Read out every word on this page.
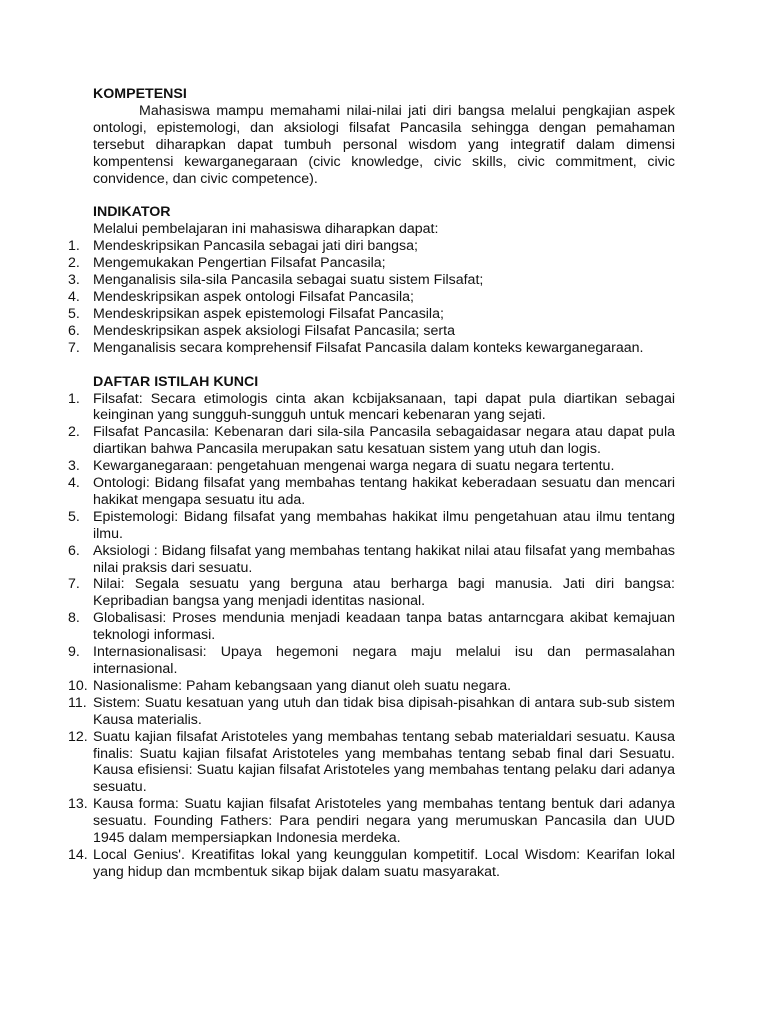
KOMPETENSI

Mahasiswa mampu memahami nilai-nilai jati diri bangsa melalui pengkajian aspek ontologi, epistemologi, dan aksiologi filsafat Pancasila sehingga dengan pemahaman tersebut diharapkan dapat tumbuh personal wisdom yang integratif dalam dimensi kompentensi kewarganegaraan (civic knowledge, civic skills, civic commitment, civic convidence, dan civic competence).

INDIKATOR
Melalui pembelajaran ini mahasiswa diharapkan dapat:
1. Mendeskripsikan Pancasila sebagai jati diri bangsa;
2. Mengemukakan Pengertian Filsafat Pancasila;
3. Menganalisis sila-sila Pancasila sebagai suatu sistem Filsafat;
4. Mendeskripsikan aspek ontologi Filsafat Pancasila;
5. Mendeskripsikan aspek epistemologi Filsafat Pancasila;
6. Mendeskripsikan aspek aksiologi Filsafat Pancasila; serta
7. Menganalisis secara komprehensif Filsafat Pancasila dalam konteks kewarganegaraan.
DAFTAR ISTILAH KUNCI
1. Filsafat: Secara etimologis cinta akan kcbijaksanaan, tapi dapat pula diartikan sebagai keinginan yang sungguh-sungguh untuk mencari kebenaran yang sejati.
2. Filsafat Pancasila: Kebenaran dari sila-sila Pancasila sebagaidasar negara atau dapat pula diartikan bahwa Pancasila merupakan satu kesatuan sistem yang utuh dan logis.
3. Kewarganegaraan: pengetahuan mengenai warga negara di suatu negara tertentu.
4. Ontologi: Bidang filsafat yang membahas tentang hakikat keberadaan sesuatu dan mencari hakikat mengapa sesuatu itu ada.
5. Epistemologi: Bidang filsafat yang membahas hakikat ilmu pengetahuan atau ilmu tentang ilmu.
6. Aksiologi : Bidang filsafat yang membahas tentang hakikat nilai atau filsafat yang membahas nilai praksis dari sesuatu.
7. Nilai: Segala sesuatu yang berguna atau berharga bagi manusia. Jati diri bangsa: Kepribadian bangsa yang menjadi identitas nasional.
8. Globalisasi: Proses mendunia menjadi keadaan tanpa batas antarncgara akibat kemajuan teknologi informasi.
9. Internasionalisasi: Upaya hegemoni negara maju melalui isu dan permasalahan internasional.
10. Nasionalisme: Paham kebangsaan yang dianut oleh suatu negara.
11. Sistem: Suatu kesatuan yang utuh dan tidak bisa dipisah-pisahkan di antara sub-sub sistem Kausa materialis.
12. Suatu kajian filsafat Aristoteles yang membahas tentang sebab materialdari sesuatu. Kausa finalis: Suatu kajian filsafat Aristoteles yang membahas tentang sebab final dari Sesuatu. Kausa efisiensi: Suatu kajian filsafat Aristoteles yang membahas tentang pelaku dari adanya sesuatu.
13. Kausa forma: Suatu kajian filsafat Aristoteles yang membahas tentang bentuk dari adanya sesuatu. Founding Fathers: Para pendiri negara yang merumuskan Pancasila dan UUD 1945 dalam mempersiapkan Indonesia merdeka.
14. Local Genius'. Kreatifitas lokal yang keunggulan kompetitif. Local Wisdom: Kearifan lokal yang hidup dan mcmbentuk sikap bijak dalam suatu masyarakat.
